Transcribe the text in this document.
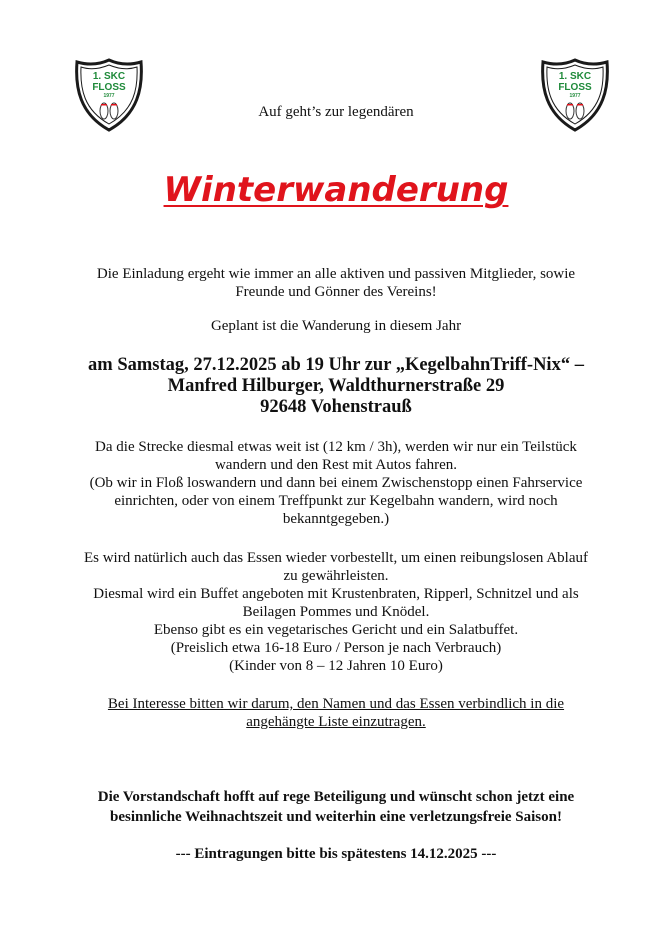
1. SKC
FLOSS
1977
1. SKC
FLOSS
1977
Auf geht’s zur legendären
Winterwanderung
Die Einladung ergeht wie immer an alle aktiven und passiven Mitglieder, sowie
Freunde und Gönner des Vereins!
Geplant ist die Wanderung in diesem Jahr
am Samstag, 27.12.2025 ab 19 Uhr zur „KegelbahnTriff-Nix“ –
Manfred Hilburger, Waldthurnerstraße 29
92648 Vohenstrauß
Da die Strecke diesmal etwas weit ist (12 km / 3h), werden wir nur ein Teilstück
wandern und den Rest mit Autos fahren.
(Ob wir in Floß loswandern und dann bei einem Zwischenstopp einen Fahrservice
einrichten, oder von einem Treffpunkt zur Kegelbahn wandern, wird noch
bekanntgegeben.)
Es wird natürlich auch das Essen wieder vorbestellt, um einen reibungslosen Ablauf
zu gewährleisten.
Diesmal wird ein Buffet angeboten mit Krustenbraten, Ripperl, Schnitzel und als
Beilagen Pommes und Knödel.
Ebenso gibt es ein vegetarisches Gericht und ein Salatbuffet.
(Preislich etwa 16-18 Euro / Person je nach Verbrauch)
(Kinder von 8 – 12 Jahren 10 Euro)
Bei Interesse bitten wir darum, den Namen und das Essen verbindlich in die
angehängte Liste einzutragen.
Die Vorstandschaft hofft auf rege Beteiligung und wünscht schon jetzt eine
besinnliche Weihnachtszeit und weiterhin eine verletzungsfreie Saison!
--- Eintragungen bitte bis spätestens 14.12.2025 ---
